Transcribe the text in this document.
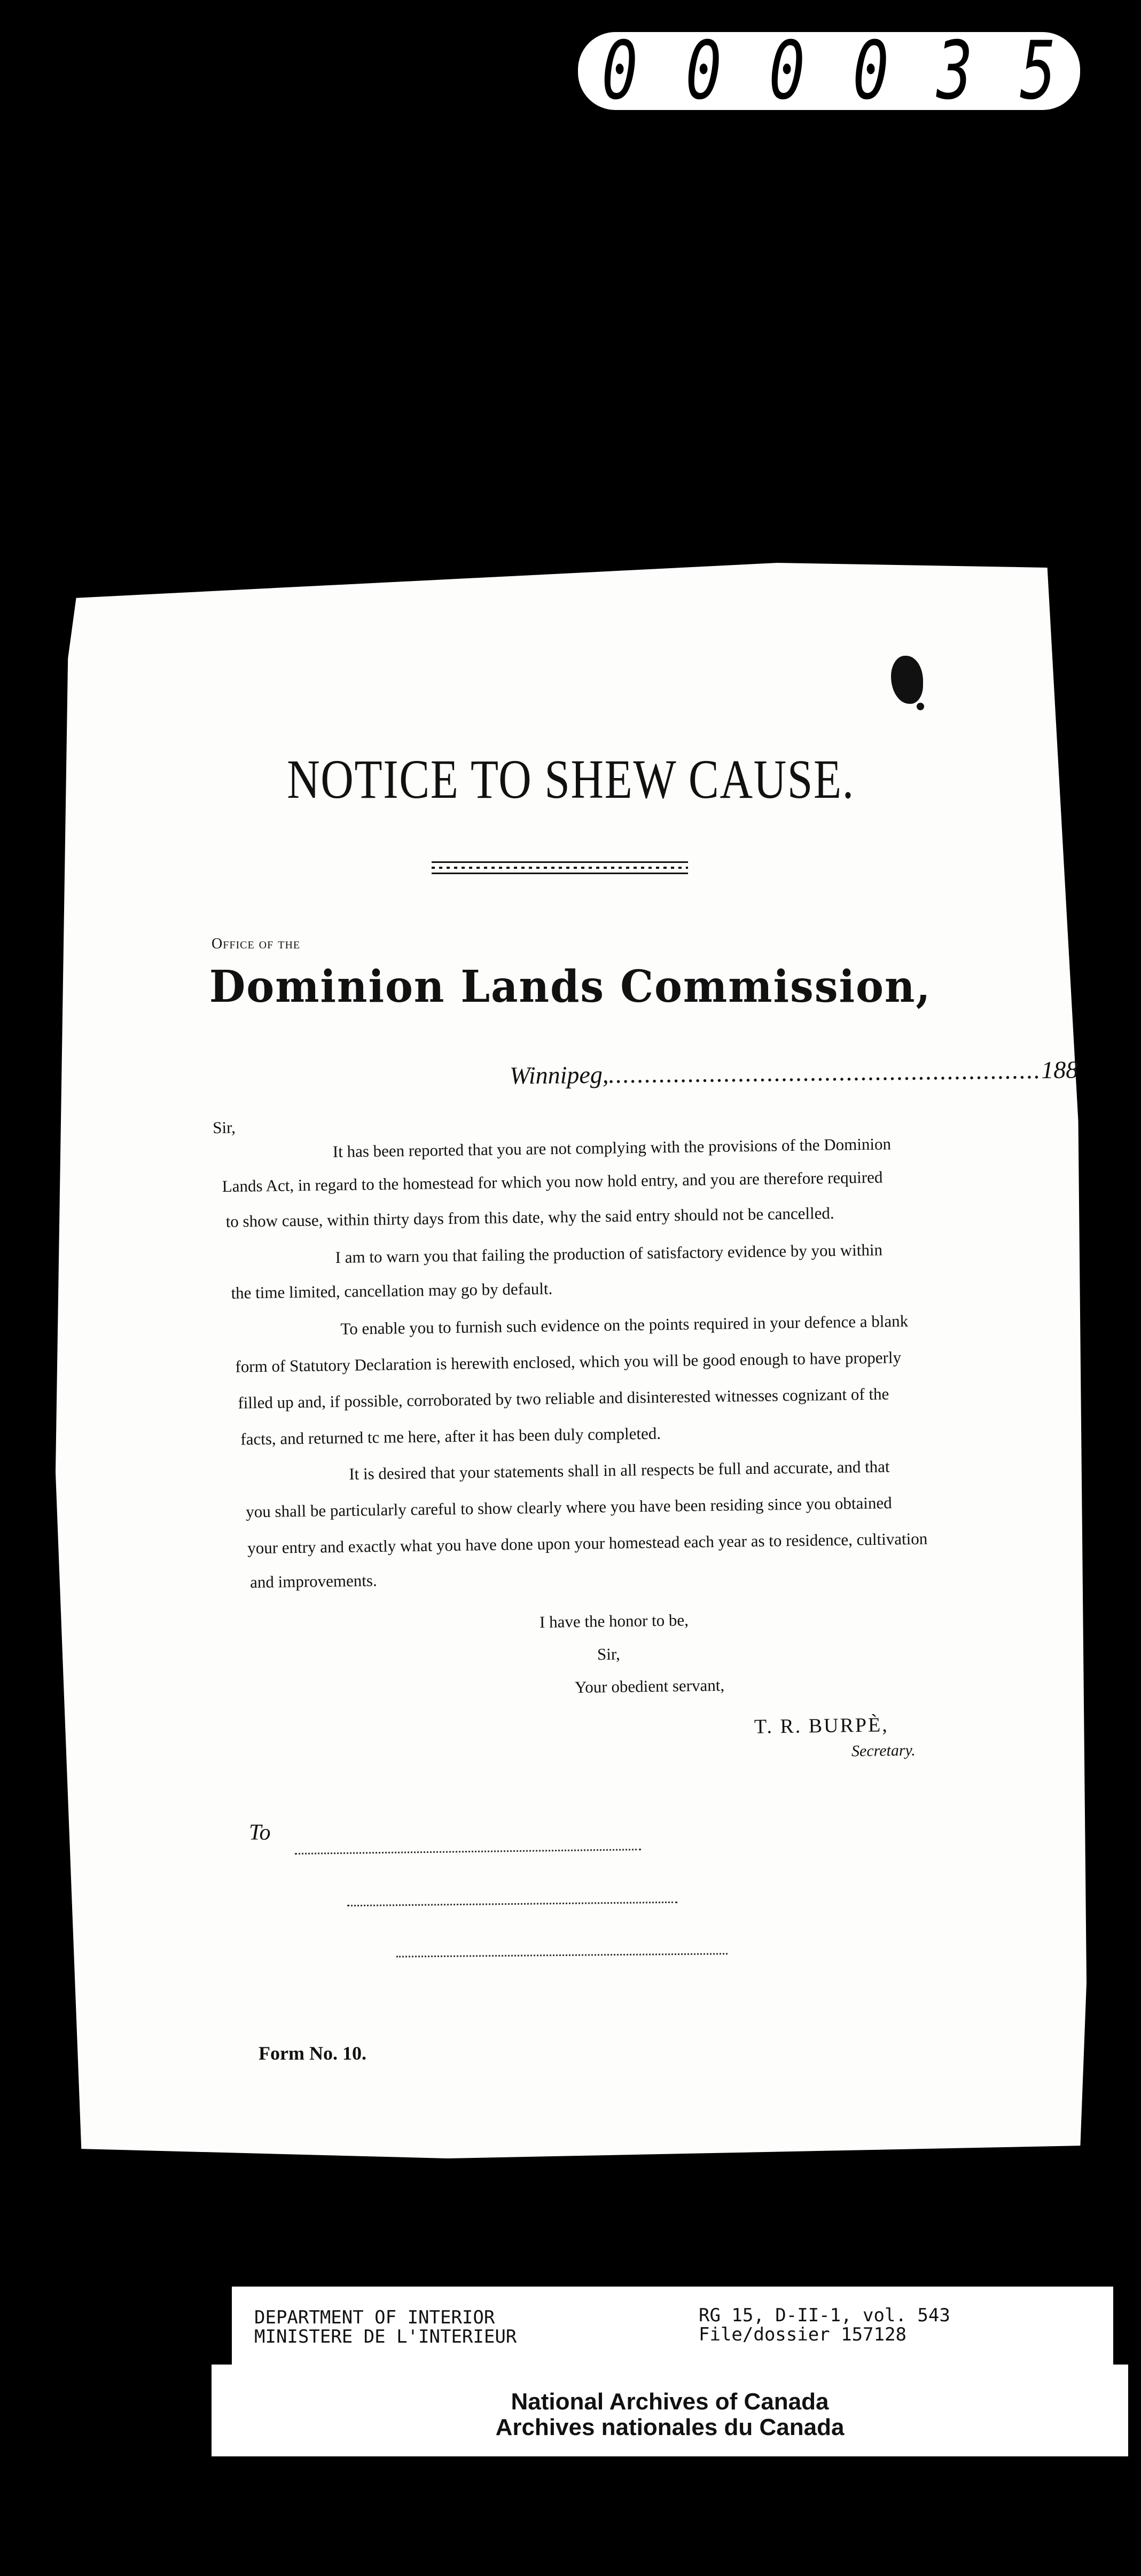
0 0 0 0 3 5
NOTICE TO SHEW CAUSE.
Office of the
Dominion Lands Commission,
Winnipeg,............................................................188
Sir,
It has been reported that you are not complying with the provisions of the Dominion
Lands Act, in regard to the homestead for which you now hold entry, and you are therefore required
to show cause, within thirty days from this date, why the said entry should not be cancelled.
I am to warn you that failing the production of satisfactory evidence by you within
the time limited, cancellation may go by default.
To enable you to furnish such evidence on the points required in your defence a blank
form of Statutory Declaration is herewith enclosed, which you will be good enough to have properly
filled up and, if possible, corroborated by two reliable and disinterested witnesses cognizant of the
facts, and returned tc me here, after it has been duly completed.
It is desired that your statements shall in all respects be full and accurate, and that
you shall be particularly careful to show clearly where you have been residing since you obtained
your entry and exactly what you have done upon your homestead each year as to residence, cultivation
and improvements.
I have the honor to be,
Sir,
Your obedient servant,
T. R. BURPÈ,
Secretary.
To
Form No. 10.
DEPARTMENT OF INTERIOR
MINISTERE DE L'INTERIEUR
RG 15, D-II-1, vol. 543
File/dossier 157128
National Archives of Canada
Archives nationales du Canada
